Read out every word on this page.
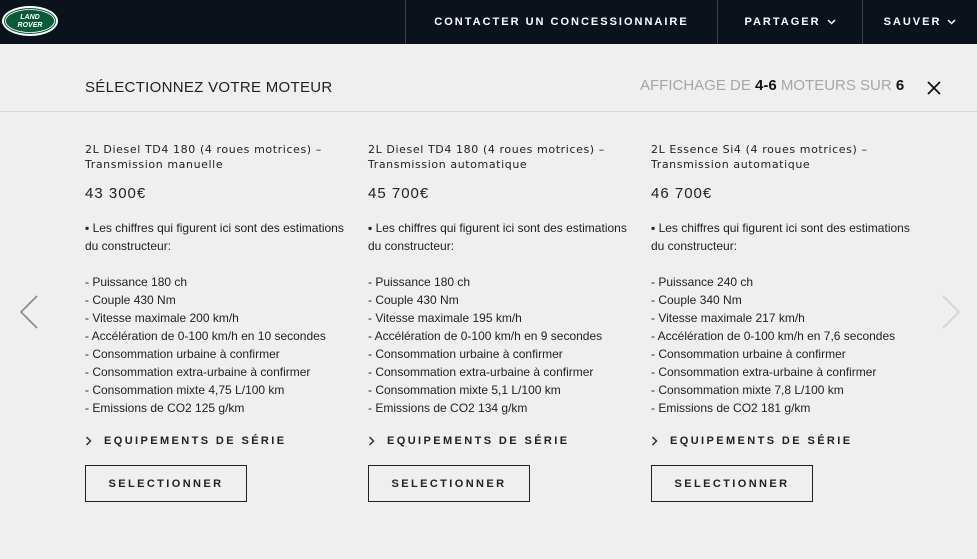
LAND
ROVER	CONTACTER UN CONCESSIONNAIRE	PARTAGER	SAUVER
SÉLECTIONNEZ VOTRE MOTEUR	AFFICHAGE DE 4-6 MOTEURS SUR 6
2L Diesel TD4 180 (4 roues motrices) – Transmission manuelle
43 300€
▪ Les chiffres qui figurent ici sont des estimations du constructeur:
- Puissance 180 ch
- Couple 430 Nm
- Vitesse maximale 200 km/h
- Accélération de 0-100 km/h en 10 secondes
- Consommation urbaine à confirmer
- Consommation extra-urbaine à confirmer
- Consommation mixte 4,75 L/100 km
- Emissions de CO2 125 g/km
EQUIPEMENTS DE SÉRIE
SELECTIONNER
2L Diesel TD4 180 (4 roues motrices) – Transmission automatique
45 700€
▪ Les chiffres qui figurent ici sont des estimations du constructeur:
- Puissance 180 ch
- Couple 430 Nm
- Vitesse maximale 195 km/h
- Accélération de 0-100 km/h en 9 secondes
- Consommation urbaine à confirmer
- Consommation extra-urbaine à confirmer
- Consommation mixte 5,1 L/100 km
- Emissions de CO2 134 g/km
EQUIPEMENTS DE SÉRIE
SELECTIONNER
2L Essence Si4 (4 roues motrices) – Transmission automatique
46 700€
▪ Les chiffres qui figurent ici sont des estimations du constructeur:
- Puissance 240 ch
- Couple 340 Nm
- Vitesse maximale 217 km/h
- Accélération de 0-100 km/h en 7,6 secondes
- Consommation urbaine à confirmer
- Consommation extra-urbaine à confirmer
- Consommation mixte 7,8 L/100 km
- Emissions de CO2 181 g/km
EQUIPEMENTS DE SÉRIE
SELECTIONNER
